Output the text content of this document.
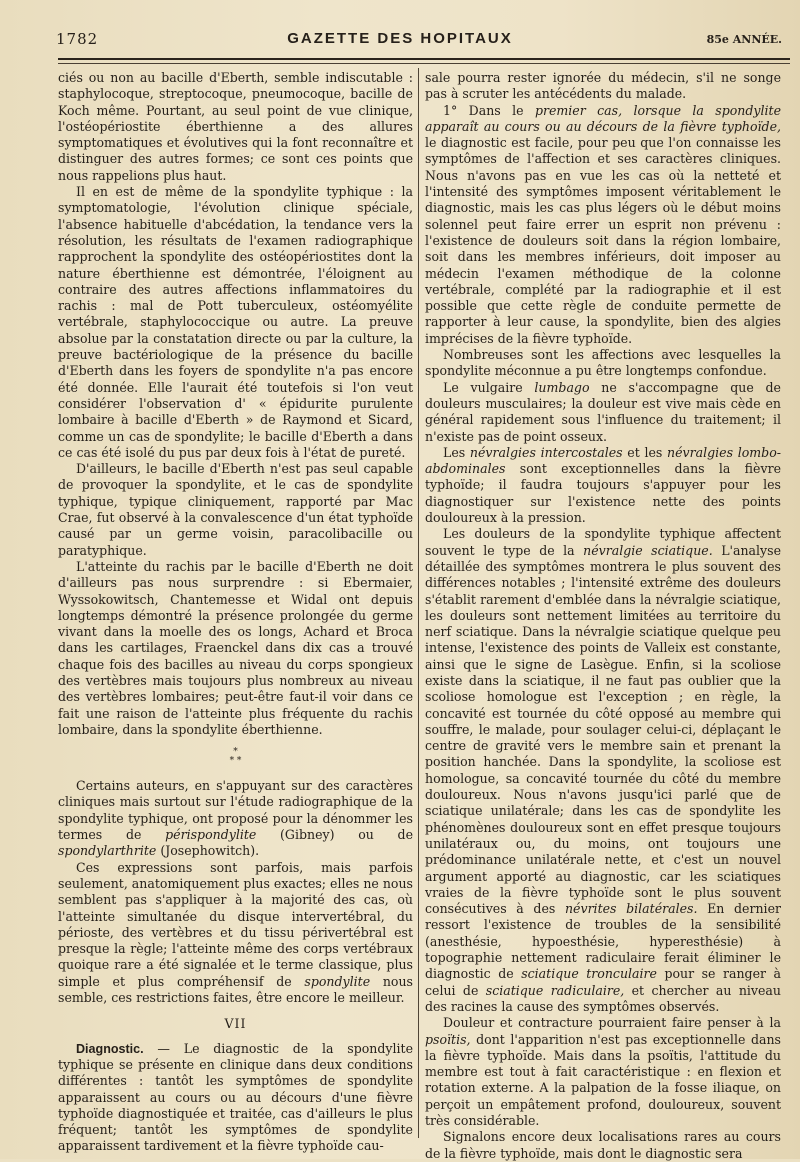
1782	GAZETTE DES HOPITAUX	85e ANNÉE.

ciés ou non au bacille d'Eberth, semble indiscutable : staphylocoque, streptocoque, pneumocoque, bacille de Koch même. Pourtant, au seul point de vue clinique, l'ostéopériostite éberthienne a des allures symptomatiques et évolutives qui la font reconnaître et distinguer des autres formes; ce sont ces points que nous rappelions plus haut.

Il en est de même de la spondylite typhique : la symptomatologie, l'évolution clinique spéciale, l'absence habituelle d'abcédation, la tendance vers la résolution, les résultats de l'examen radiographique rapprochent la spondylite des ostéopériostites dont la nature éberthienne est démontrée, l'éloignent au contraire des autres affections inflammatoires du rachis : mal de Pott tuberculeux, ostéomyélite vertébrale, staphylococcique ou autre. La preuve absolue par la constatation directe ou par la culture, la preuve bactériologique de la présence du bacille d'Eberth dans les foyers de spondylite n'a pas encore été donnée. Elle l'aurait été toutefois si l'on veut considérer l'observation d' « épidurite purulente lombaire à bacille d'Eberth » de Raymond et Sicard, comme un cas de spondylite; le bacille d'Eberth a dans ce cas été isolé du pus par deux fois à l'état de pureté.

D'ailleurs, le bacille d'Eberth n'est pas seul capable de provoquer la spondylite, et le cas de spondylite typhique, typique cliniquement, rapporté par Mac Crae, fut observé à la convalescence d'un état typhoïde causé par un germe voisin, paracolibacille ou paratyphique.

L'atteinte du rachis par le bacille d'Eberth ne doit d'ailleurs pas nous surprendre : si Ebermaier, Wyssokowitsch, Chantemesse et Widal ont depuis longtemps démontré la présence prolongée du germe vivant dans la moelle des os longs, Achard et Broca dans les cartilages, Fraenckel dans dix cas a trouvé chaque fois des bacilles au niveau du corps spongieux des vertèbres mais toujours plus nombreux au niveau des vertèbres lombaires; peut-être faut-il voir dans ce fait une raison de l'atteinte plus fréquente du rachis lombaire, dans la spondylite éberthienne.

*
* *

Certains auteurs, en s'appuyant sur des caractères cliniques mais surtout sur l'étude radiographique de la spondylite typhique, ont proposé pour la dénommer les termes de périspondylite (Gibney) ou de spondylarthrite (Josephowitch).

Ces expressions sont parfois, mais parfois seulement, anatomiquement plus exactes; elles ne nous semblent pas s'appliquer à la majorité des cas, où l'atteinte simultanée du disque intervertébral, du périoste, des vertèbres et du tissu périvertébral est presque la règle; l'atteinte même des corps vertébraux quoique rare a été signalée et le terme classique, plus simple et plus compréhensif de spondylite nous semble, ces restrictions faites, être encore le meilleur.

VII

Diagnostic. — Le diagnostic de la spondylite typhique se présente en clinique dans deux conditions différentes : tantôt les symptômes de spondylite apparaissent au cours ou au décours d'une fièvre typhoïde diagnostiquée et traitée, cas d'ailleurs le plus fréquent; tantôt les symptômes de spondylite apparaissent tardivement et la fièvre typhoïde cau-

sale pourra rester ignorée du médecin, s'il ne songe pas à scruter les antécédents du malade.

1° Dans le premier cas, lorsque la spondylite apparaît au cours ou au décours de la fièvre typhoïde, le diagnostic est facile, pour peu que l'on connaisse les symptômes de l'affection et ses caractères cliniques. Nous n'avons pas en vue les cas où la netteté et l'intensité des symptômes imposent véritablement le diagnostic, mais les cas plus légers où le début moins solennel peut faire errer un esprit non prévenu : l'existence de douleurs soit dans la région lombaire, soit dans les membres inférieurs, doit imposer au médecin l'examen méthodique de la colonne vertébrale, complété par la radiographie et il est possible que cette règle de conduite permette de rapporter à leur cause, la spondylite, bien des algies imprécises de la fièvre typhoïde.

Nombreuses sont les affections avec lesquelles la spondylite méconnue a pu être longtemps confondue.

Le vulgaire lumbago ne s'accompagne que de douleurs musculaires; la douleur est vive mais cède en général rapidement sous l'influence du traitement; il n'existe pas de point osseux.

Les névralgies intercostales et les névralgies lombo-abdominales sont exceptionnelles dans la fièvre typhoïde; il faudra toujours s'appuyer pour les diagnostiquer sur l'existence nette des points douloureux à la pression.

Les douleurs de la spondylite typhique affectent souvent le type de la névralgie sciatique. L'analyse détaillée des symptômes montrera le plus souvent des différences notables ; l'intensité extrême des douleurs s'établit rarement d'emblée dans la névralgie sciatique, les douleurs sont nettement limitées au territoire du nerf sciatique. Dans la névralgie sciatique quelque peu intense, l'existence des points de Valleix est constante, ainsi que le signe de Lasègue. Enfin, si la scoliose existe dans la sciatique, il ne faut pas oublier que la scoliose homologue est l'exception ; en règle, la concavité est tournée du côté opposé au membre qui souffre, le malade, pour soulager celui-ci, déplaçant le centre de gravité vers le membre sain et prenant la position hanchée. Dans la spondylite, la scoliose est homologue, sa concavité tournée du côté du membre douloureux. Nous n'avons jusqu'ici parlé que de sciatique unilatérale; dans les cas de spondylite les phénomènes douloureux sont en effet presque toujours unilatéraux ou, du moins, ont toujours une prédominance unilatérale nette, et c'est un nouvel argument apporté au diagnostic, car les sciatiques vraies de la fièvre typhoïde sont le plus souvent consécutives à des névrites bilatérales. En dernier ressort l'existence de troubles de la sensibilité (anesthésie, hypoesthésie, hyperesthésie) à topographie nettement radiculaire ferait éliminer le diagnostic de sciatique tronculaire pour se ranger à celui de sciatique radiculaire, et chercher au niveau des racines la cause des symptômes observés.

Douleur et contracture pourraient faire penser à la psoïtis, dont l'apparition n'est pas exceptionnelle dans la fièvre typhoïde. Mais dans la psoïtis, l'attitude du membre est tout à fait caractéristique : en flexion et rotation externe. A la palpation de la fosse iliaque, on perçoit un empâtement profond, douloureux, souvent très considérable.

Signalons encore deux localisations rares au cours de la fièvre typhoïde, mais dont le diagnostic sera
